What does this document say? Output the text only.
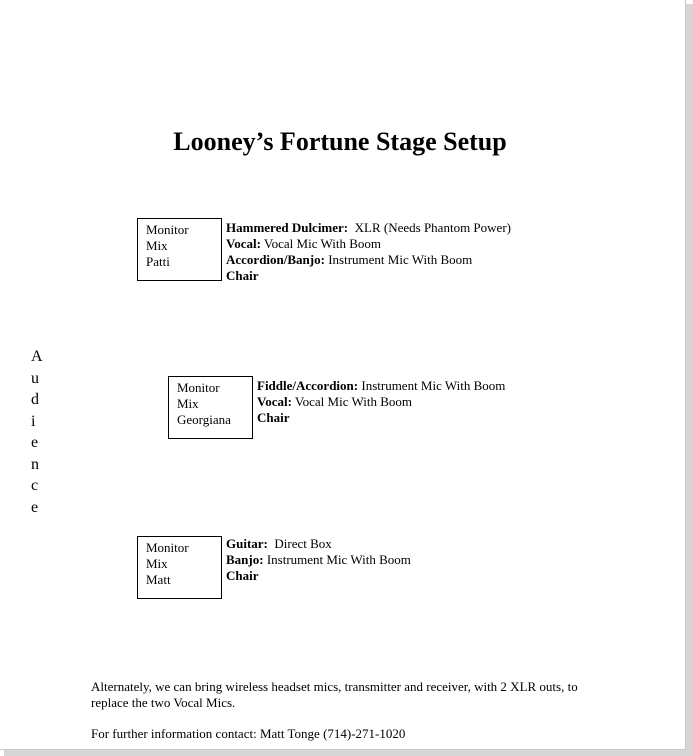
Looney’s Fortune Stage Setup
Monitor
Mix
Patti
Hammered Dulcimer:  XLR (Needs Phantom Power)
Vocal: Vocal Mic With Boom
Accordion/Banjo: Instrument Mic With Boom
Chair
Monitor
Mix
Georgiana
Fiddle/Accordion: Instrument Mic With Boom
Vocal: Vocal Mic With Boom
Chair
Monitor
Mix
Matt
Guitar:  Direct Box
Banjo: Instrument Mic With Boom
Chair
A
u
d
i
e
n
c
e
Alternately, we can bring wireless headset mics, transmitter and receiver, with 2 XLR outs, to replace the two Vocal Mics.
For further information contact: Matt Tonge (714)-271-1020
